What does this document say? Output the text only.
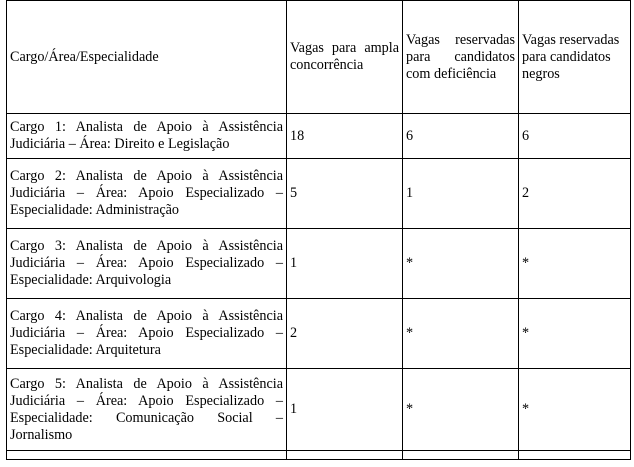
Cargo/Área/Especialidade	Vagas para ampla concorrência	Vagas reservadas para candidatos com deficiência	Vagas reservadas para candidatos negros
Cargo 1: Analista de Apoio à Assistência Judiciária – Área: Direito e Legislação	18	6	6
Cargo 2: Analista de Apoio à Assistência Judiciária – Área: Apoio Especializado – Especialidade: Administração	5	1	2
Cargo 3: Analista de Apoio à Assistência Judiciária – Área: Apoio Especializado – Especialidade: Arquivologia	1	*	*
Cargo 4: Analista de Apoio à Assistência Judiciária – Área: Apoio Especializado – Especialidade: Arquitetura	2	*	*
Cargo 5: Analista de Apoio à Assistência Judiciária – Área: Apoio Especializado – Especialidade: Comunicação Social – Jornalismo	1	*	*
